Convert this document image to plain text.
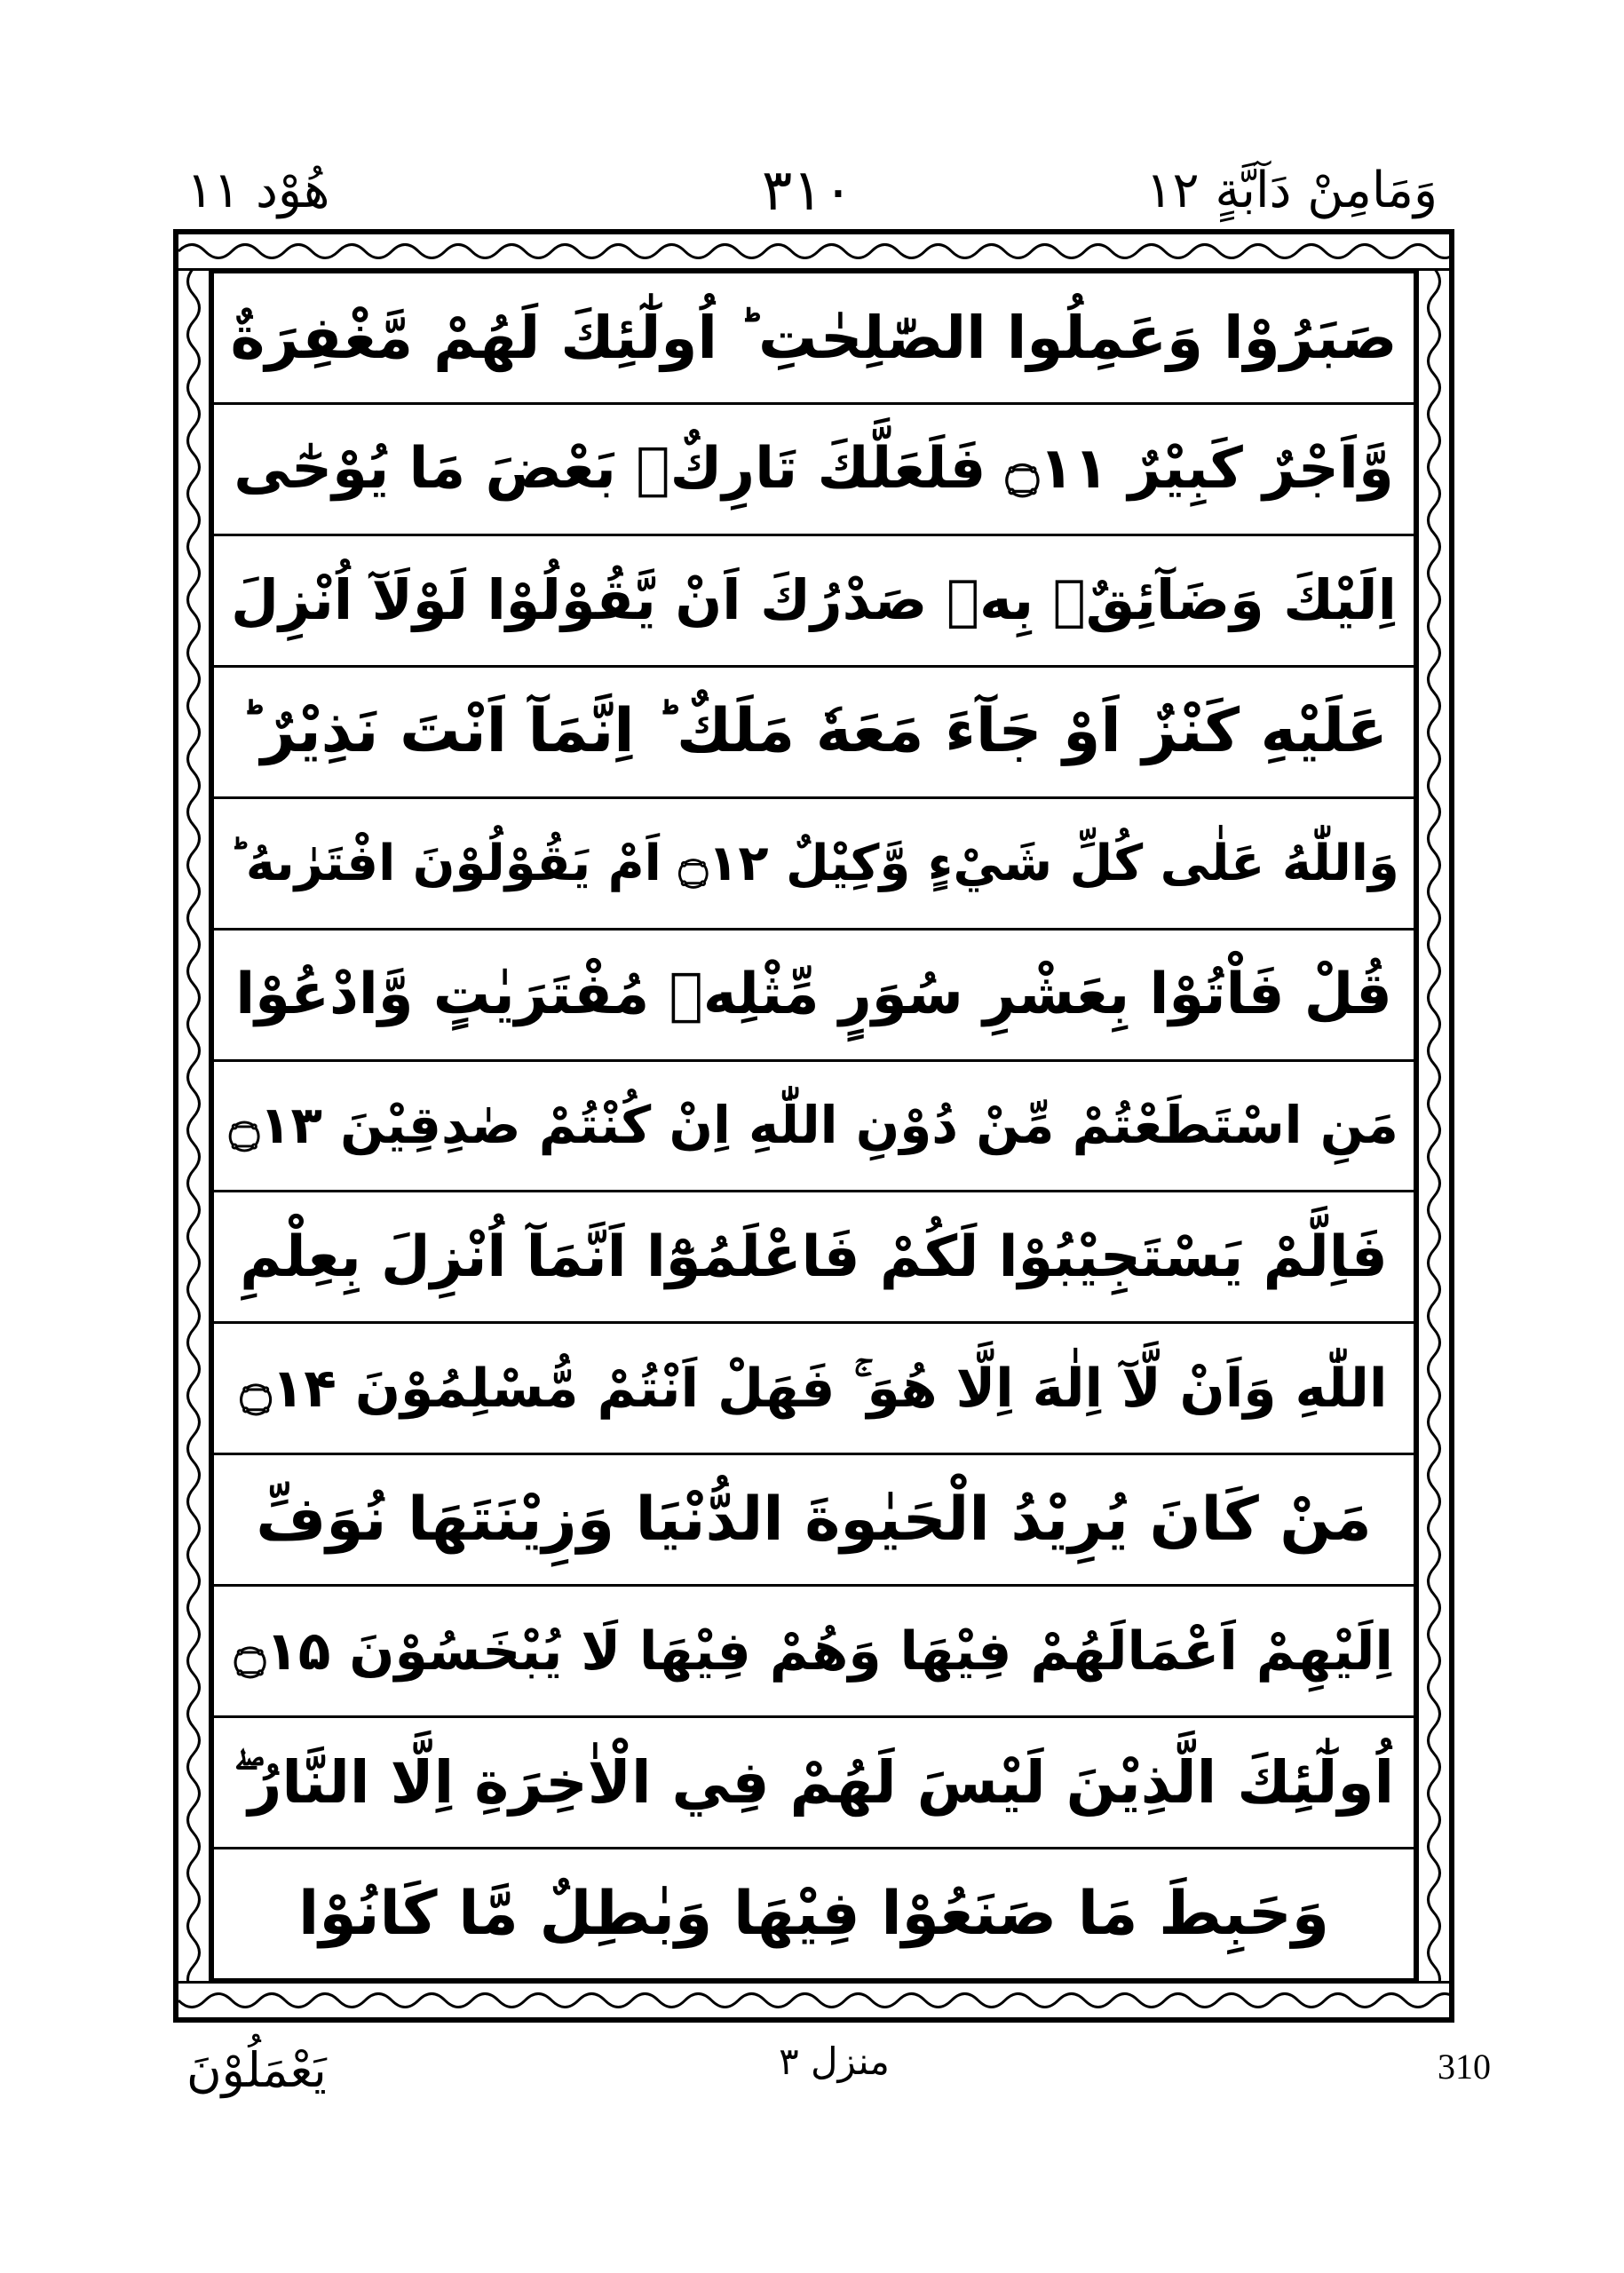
هُوْد ۱۱	۳۱۰	وَمَامِنْ دَآبَّةٍ ۱۲
صَبَرُوْا وَعَمِلُوا الصّٰلِحٰتِ ؕ اُولٰٓئِكَ لَهُمْ مَّغْفِرَةٌ
وَّاَجْرٌ كَبِيْرٌ ۝۱۱ فَلَعَلَّكَ تَارِكٌۢ بَعْضَ مَا يُوْحٰٓى
اِلَيْكَ وَضَآئِقٌۢ بِهٖ صَدْرُكَ اَنْ يَّقُوْلُوْا لَوْلَآ اُنْزِلَ
عَلَيْهِ كَنْزٌ اَوْ جَآءَ مَعَهٗ مَلَكٌ ؕ اِنَّمَآ اَنْتَ نَذِيْرٌ ؕ
وَاللّٰهُ عَلٰى كُلِّ شَيْءٍ وَّكِيْلٌ ۝۱۲ اَمْ يَقُوْلُوْنَ افْتَرٰىهُ ؕ
قُلْ فَاْتُوْا بِعَشْرِ سُوَرٍ مِّثْلِهٖ مُفْتَرَيٰتٍ وَّادْعُوْا
مَنِ اسْتَطَعْتُمْ مِّنْ دُوْنِ اللّٰهِ اِنْ كُنْتُمْ صٰدِقِيْنَ ۝۱۳
فَاِلَّمْ يَسْتَجِيْبُوْا لَكُمْ فَاعْلَمُوْٓا اَنَّمَآ اُنْزِلَ بِعِلْمِ
اللّٰهِ وَاَنْ لَّآ اِلٰهَ اِلَّا هُوَ ۚ فَهَلْ اَنْتُمْ مُّسْلِمُوْنَ ۝۱۴
مَنْ كَانَ يُرِيْدُ الْحَيٰوةَ الدُّنْيَا وَزِيْنَتَهَا نُوَفِّ
اِلَيْهِمْ اَعْمَالَهُمْ فِيْهَا وَهُمْ فِيْهَا لَا يُبْخَسُوْنَ ۝۱۵
اُولٰٓئِكَ الَّذِيْنَ لَيْسَ لَهُمْ فِي الْاٰخِرَةِ اِلَّا النَّارُ ۖ
وَحَبِطَ مَا صَنَعُوْا فِيْهَا وَبٰطِلٌ مَّا كَانُوْا
يَعْمَلُوْنَ	منزل ۳	310
